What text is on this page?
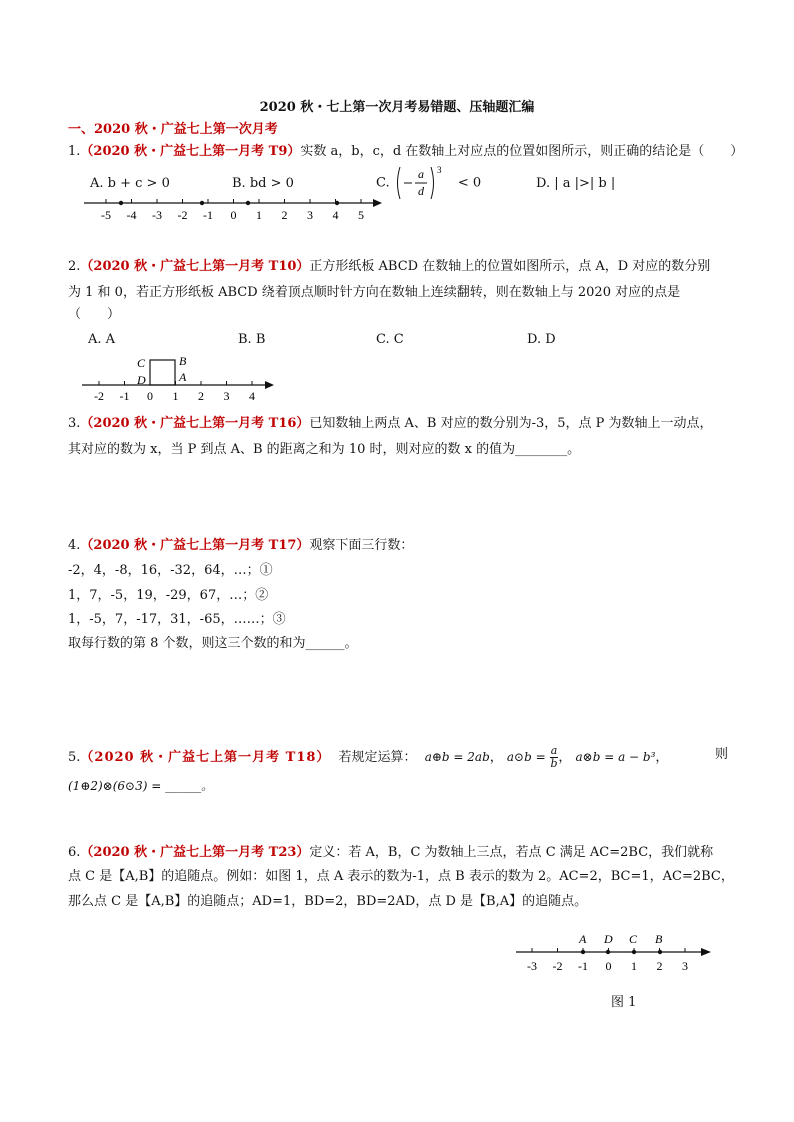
2020 秋・七上第一次月考易错题、压轴题汇编
一、2020 秋・广益七上第一次月考
1.（2020 秋・广益七上第一月考 T9）实数 a，b，c，d 在数轴上对应点的位置如图所示，则正确的结论是（　　）
A. b + c > 0	B. bd > 0	C.
a
d
3
< 0	D. | a |>| b |
-5 -4 -3 -2 -1 0 1 2 3 4 5
2.（2020 秋・广益七上第一月考 T10）正方形纸板 ABCD 在数轴上的位置如图所示，点 A，D 对应的数分别
为 1 和 0，若正方形纸板 ABCD 绕着顶点顺时针方向在数轴上连续翻转，则在数轴上与 2020 对应的点是
（　　）
A. A	B. B	C. C	D. D
C	B
D	A
-2 -1 0 1 2 3 4
3.（2020 秋・广益七上第一月考 T16）已知数轴上两点 A、B 对应的数分别为-3，5，点 P 为数轴上一动点，
其对应的数为 x，当 P 到点 A、B 的距离之和为 10 时，则对应的数 x 的值为________。
4.（2020 秋・广益七上第一月考 T17）观察下面三行数：
-2，4，-8，16，-32，64，…；①
1，7，-5，19，-29，67，…；②
1，-5，7，-17，31，-65，……；③
取每行数的第 8 个数，则这三个数的和为______。
5.（2020 秋・广益七上第一月考 T18） 若规定运算： a⊕b = 2ab， a⊙b = $\frac{a}{b}$ ， a⊗b = a − b³，	则
(1⊕2)⊗(6⊙3) = ______。
6.（2020 秋・广益七上第一月考 T23）定义：若 A，B，C 为数轴上三点，若点 C 满足 AC=2BC，我们就称
点 C 是【A,B】的追随点。例如：如图 1，点 A 表示的数为-1，点 B 表示的数为 2。AC=2，BC=1，AC=2BC，
那么点 C 是【A,B】的追随点；AD=1，BD=2，BD=2AD，点 D 是【B,A】的追随点。
A D C B
-3 -2 -1 0 1 2 3
图 1
